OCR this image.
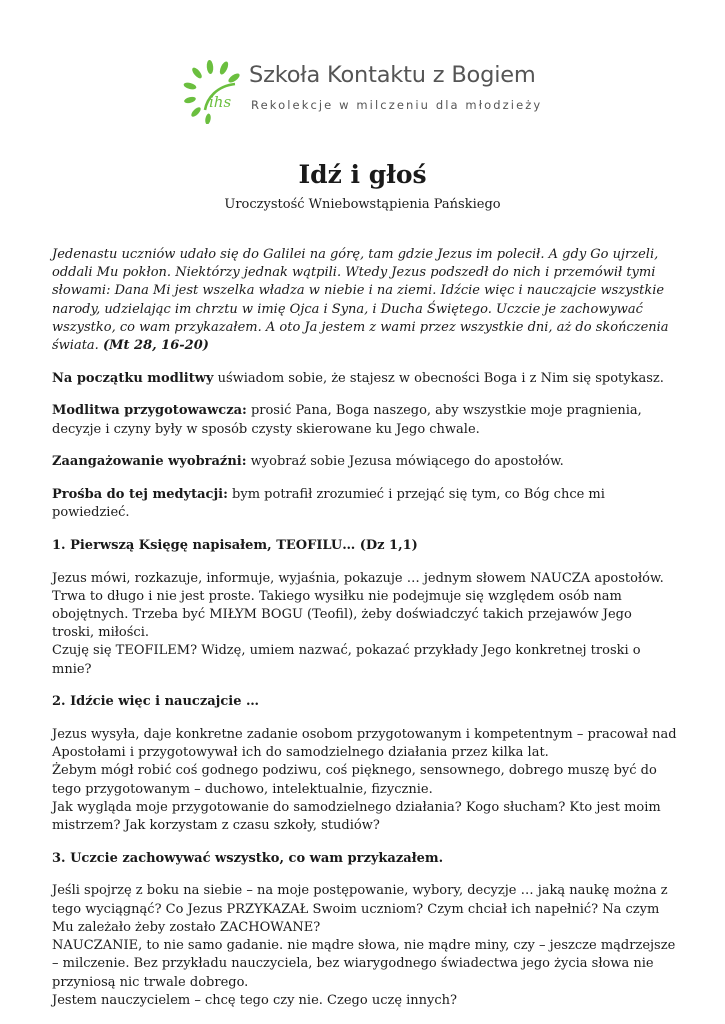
ihs
Szkoła Kontaktu z Bogiem
Rekolekcje w milczeniu dla młodzieży
Idź i głoś
Uroczystość Wniebowstąpienia Pańskiego

Jedenastu uczniów udało się do Galilei na górę, tam gdzie Jezus im polecił. A gdy Go ujrzeli, oddali Mu pokłon. Niektórzy jednak wątpili. Wtedy Jezus podszedł do nich i przemówił tymi słowami: Dana Mi jest wszelka władza w niebie i na ziemi. Idźcie więc i nauczajcie wszystkie narody, udzielając im chrztu w imię Ojca i Syna, i Ducha Świętego. Uczcie je zachowywać wszystko, co wam przykazałem. A oto Ja jestem z wami przez wszystkie dni, aż do skończenia świata. (Mt 28, 16-20)

Na początku modlitwy uświadom sobie, że stajesz w obecności Boga i z Nim się spotykasz.

Modlitwa przygotowawcza: prosić Pana, Boga naszego, aby wszystkie moje pragnienia, decyzje i czyny były w sposób czysty skierowane ku Jego chwale.

Zaangażowanie wyobraźni: wyobraź sobie Jezusa mówiącego do apostołów.

Prośba do tej medytacji: bym potrafił zrozumieć i przejąć się tym, co Bóg chce mi powiedzieć.

1. Pierwszą Księgę napisałem, TEOFILU… (Dz 1,1)

Jezus mówi, rozkazuje, informuje, wyjaśnia, pokazuje … jednym słowem NAUCZA apostołów. Trwa to długo i nie jest proste. Takiego wysiłku nie podejmuje się względem osób nam obojętnych. Trzeba być MIŁYM BOGU (Teofil), żeby doświadczyć takich przejawów Jego troski, miłości.
Czuję się TEOFILEM? Widzę, umiem nazwać, pokazać przykłady Jego konkretnej troski o mnie?

2. Idźcie więc i nauczajcie …

Jezus wysyła, daje konkretne zadanie osobom przygotowanym i kompetentnym – pracował nad Apostołami i przygotowywał ich do samodzielnego działania przez kilka lat.
Żebym mógł robić coś godnego podziwu, coś pięknego, sensownego, dobrego muszę być do tego przygotowanym – duchowo, intelektualnie, fizycznie.
Jak wygląda moje przygotowanie do samodzielnego działania? Kogo słucham? Kto jest moim mistrzem? Jak korzystam z czasu szkoły, studiów?

3. Uczcie zachowywać wszystko, co wam przykazałem.

Jeśli spojrzę z boku na siebie – na moje postępowanie, wybory, decyzje … jaką naukę można z tego wyciągnąć? Co Jezus PRZYKAZAŁ Swoim uczniom? Czym chciał ich napełnić? Na czym Mu zależało żeby zostało ZACHOWANE?
NAUCZANIE, to nie samo gadanie. nie mądre słowa, nie mądre miny, czy – jeszcze mądrzejsze – milczenie. Bez przykładu nauczyciela, bez wiarygodnego świadectwa jego życia słowa nie przyniosą nic trwale dobrego.
Jestem nauczycielem – chcę tego czy nie. Czego uczę innych?
